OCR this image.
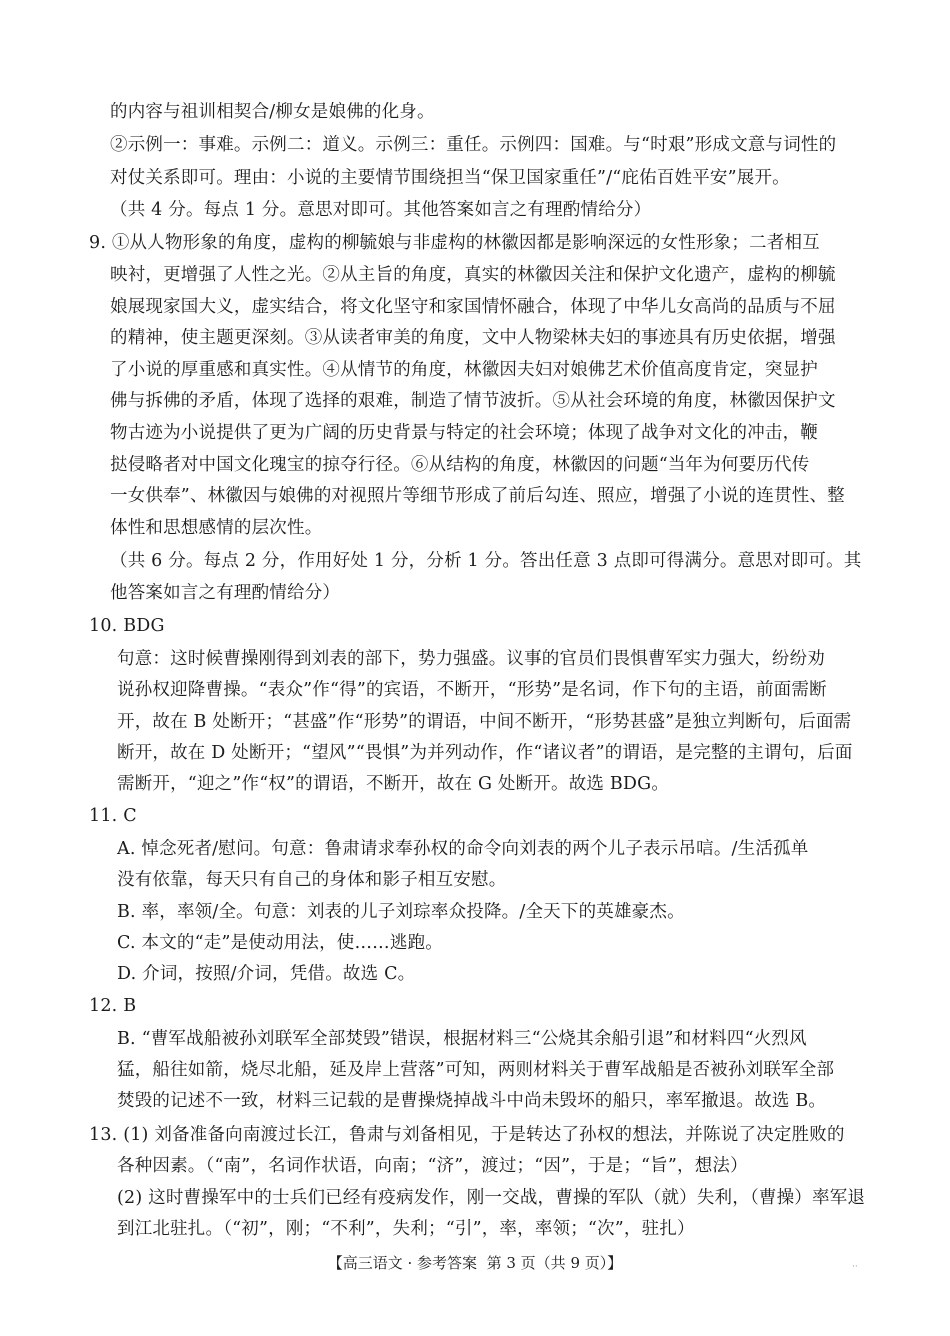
的内容与祖训相契合/柳女是娘佛的化身。
②示例一：事难。示例二：道义。示例三：重任。示例四：国难。与“时艰”形成文意与词性的
对仗关系即可。理由：小说的主要情节围绕担当“保卫国家重任”/“庇佑百姓平安”展开。
（共 4 分。每点 1 分。意思对即可。其他答案如言之有理酌情给分）
9. ①从人物形象的角度，虚构的柳毓娘与非虚构的林徽因都是影响深远的女性形象；二者相互
映衬，更增强了人性之光。②从主旨的角度，真实的林徽因关注和保护文化遗产，虚构的柳毓
娘展现家国大义，虚实结合，将文化坚守和家国情怀融合，体现了中华儿女高尚的品质与不屈
的精神，使主题更深刻。③从读者审美的角度，文中人物梁林夫妇的事迹具有历史依据，增强
了小说的厚重感和真实性。④从情节的角度，林徽因夫妇对娘佛艺术价值高度肯定，突显护
佛与拆佛的矛盾，体现了选择的艰难，制造了情节波折。⑤从社会环境的角度，林徽因保护文
物古迹为小说提供了更为广阔的历史背景与特定的社会环境；体现了战争对文化的冲击，鞭
挞侵略者对中国文化瑰宝的掠夺行径。⑥从结构的角度，林徽因的问题“当年为何要历代传
一女供奉”、林徽因与娘佛的对视照片等细节形成了前后勾连、照应，增强了小说的连贯性、整
体性和思想感情的层次性。
（共 6 分。每点 2 分，作用好处 1 分，分析 1 分。答出任意 3 点即可得满分。意思对即可。其
他答案如言之有理酌情给分）
10. BDG
句意：这时候曹操刚得到刘表的部下，势力强盛。议事的官员们畏惧曹军实力强大，纷纷劝
说孙权迎降曹操。“表众”作“得”的宾语，不断开，“形势”是名词，作下句的主语，前面需断
开，故在 B 处断开；“甚盛”作“形势”的谓语，中间不断开，“形势甚盛”是独立判断句，后面需
断开，故在 D 处断开；“望风”“畏惧”为并列动作，作“诸议者”的谓语，是完整的主谓句，后面
需断开，“迎之”作“权”的谓语，不断开，故在 G 处断开。故选 BDG。
11. C
A. 悼念死者/慰问。句意：鲁肃请求奉孙权的命令向刘表的两个儿子表示吊唁。/生活孤单
没有依靠，每天只有自己的身体和影子相互安慰。
B. 率，率领/全。句意：刘表的儿子刘琮率众投降。/全天下的英雄豪杰。
C. 本文的“走”是使动用法，使……逃跑。
D. 介词，按照/介词，凭借。故选 C。
12. B
B. “曹军战船被孙刘联军全部焚毁”错误，根据材料三“公烧其余船引退”和材料四“火烈风
猛，船往如箭，烧尽北船，延及岸上营落”可知，两则材料关于曹军战船是否被孙刘联军全部
焚毁的记述不一致，材料三记载的是曹操烧掉战斗中尚未毁坏的船只，率军撤退。故选 B。
13. (1) 刘备准备向南渡过长江，鲁肃与刘备相见，于是转达了孙权的想法，并陈说了决定胜败的
各种因素。（“南”，名词作状语，向南；“济”，渡过；“因”，于是；“旨”，想法）
(2) 这时曹操军中的士兵们已经有疫病发作，刚一交战，曹操的军队（就）失利，（曹操）率军退
到江北驻扎。（“初”，刚；“不利”，失利；“引”，率，率领；“次”，驻扎）
【高三语文 · 参考答案 第 3 页（共 9 页）】	··
